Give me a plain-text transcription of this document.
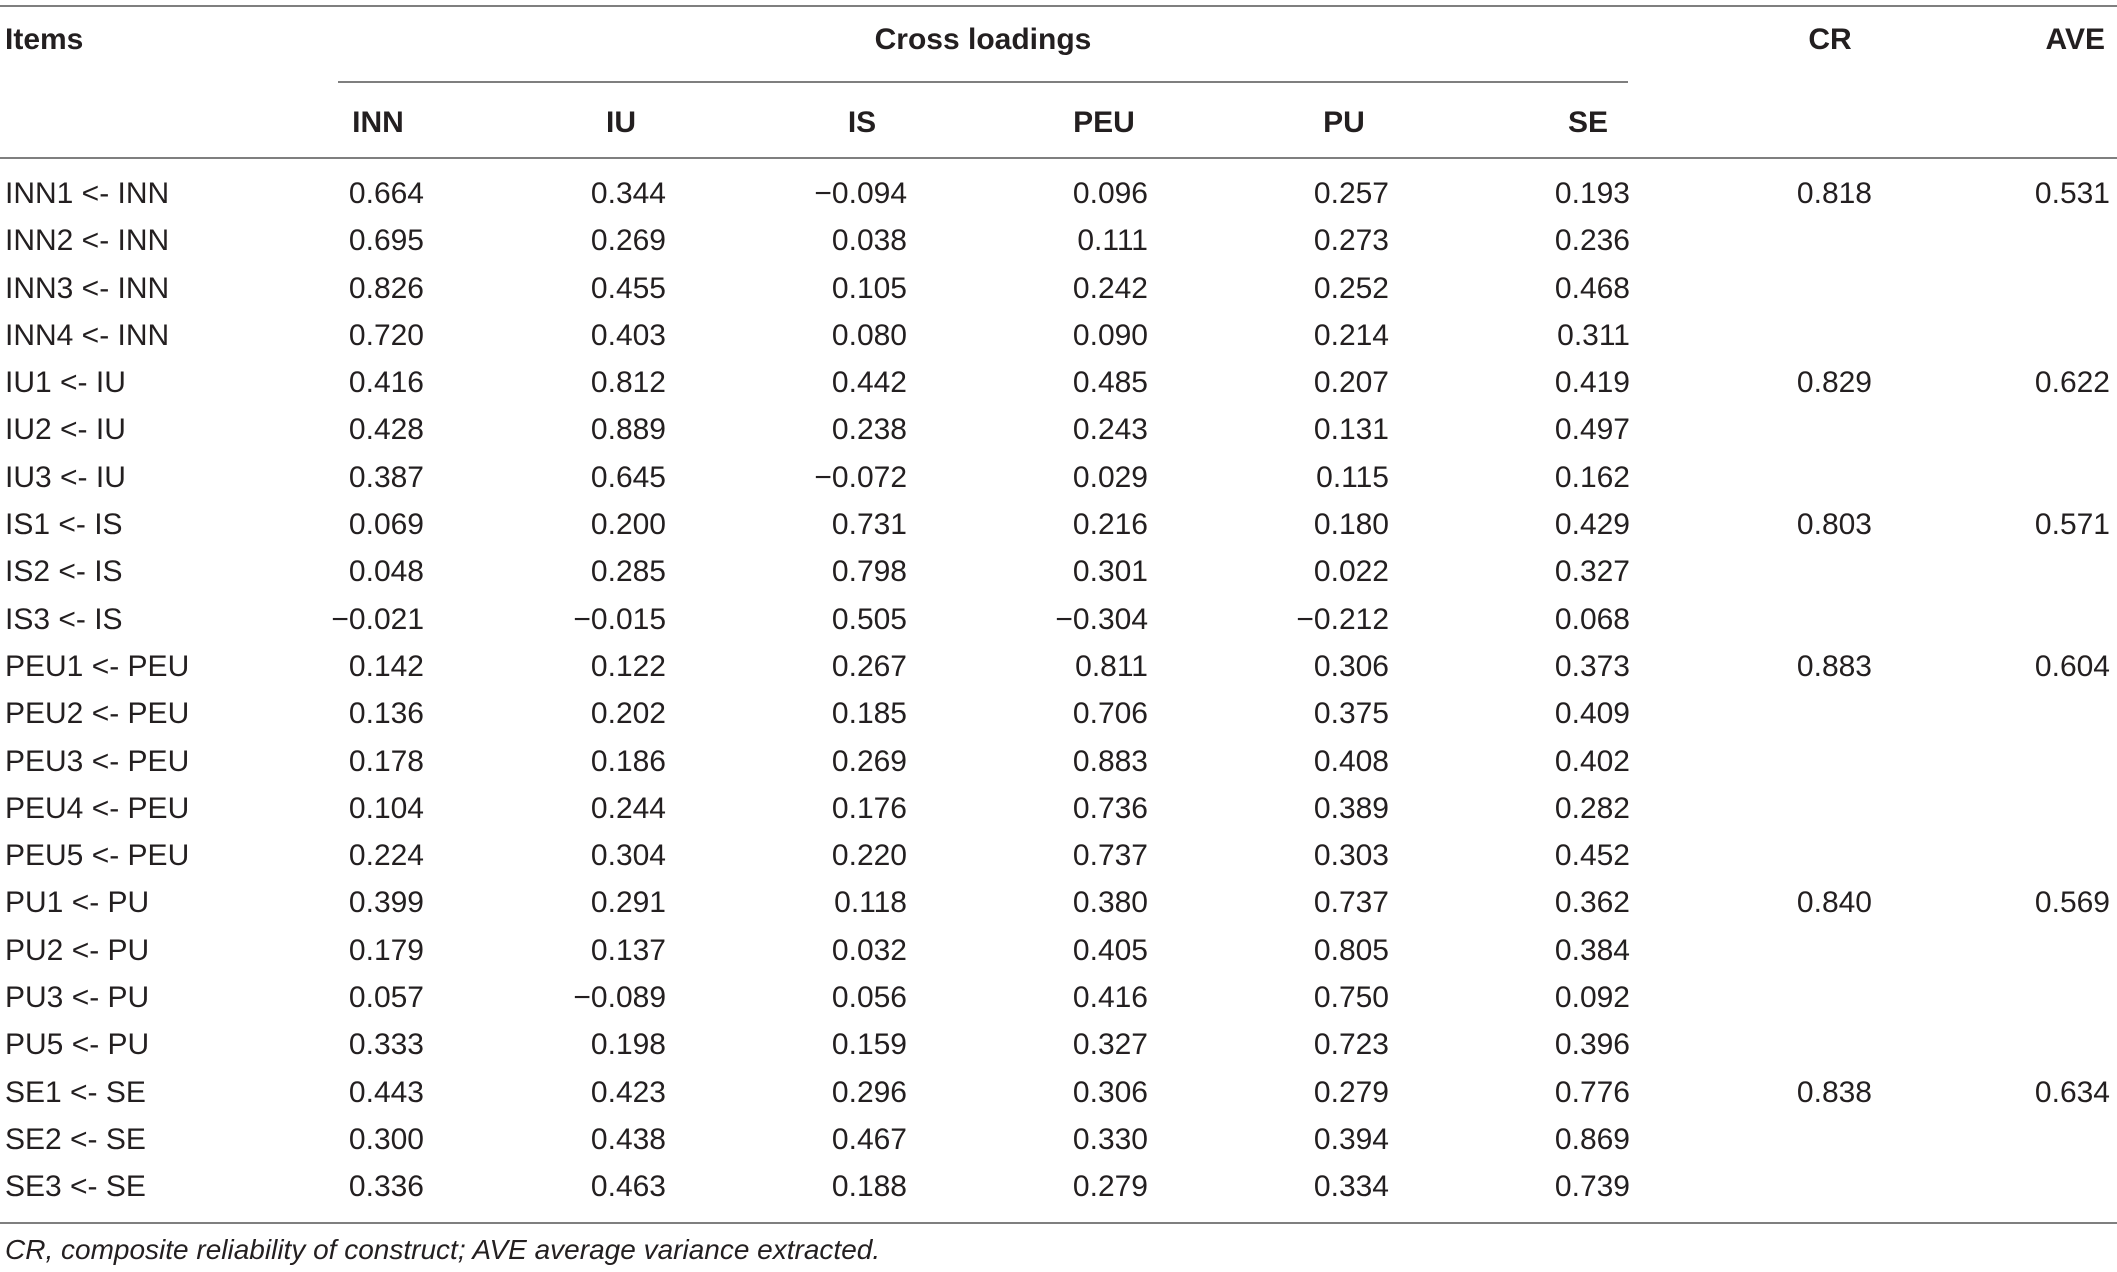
Items	Cross loadings	CR	AVE
INN	IU	IS	PEU	PU	SE
INN1 <- INN	0.664	0.344	−0.094	0.096	0.257	0.193	0.818	0.531
INN2 <- INN	0.695	0.269	0.038	0.111	0.273	0.236
INN3 <- INN	0.826	0.455	0.105	0.242	0.252	0.468
INN4 <- INN	0.720	0.403	0.080	0.090	0.214	0.311
IU1 <- IU	0.416	0.812	0.442	0.485	0.207	0.419	0.829	0.622
IU2 <- IU	0.428	0.889	0.238	0.243	0.131	0.497
IU3 <- IU	0.387	0.645	−0.072	0.029	0.115	0.162
IS1 <- IS	0.069	0.200	0.731	0.216	0.180	0.429	0.803	0.571
IS2 <- IS	0.048	0.285	0.798	0.301	0.022	0.327
IS3 <- IS	−0.021	−0.015	0.505	−0.304	−0.212	0.068
PEU1 <- PEU	0.142	0.122	0.267	0.811	0.306	0.373	0.883	0.604
PEU2 <- PEU	0.136	0.202	0.185	0.706	0.375	0.409
PEU3 <- PEU	0.178	0.186	0.269	0.883	0.408	0.402
PEU4 <- PEU	0.104	0.244	0.176	0.736	0.389	0.282
PEU5 <- PEU	0.224	0.304	0.220	0.737	0.303	0.452
PU1 <- PU	0.399	0.291	0.118	0.380	0.737	0.362	0.840	0.569
PU2 <- PU	0.179	0.137	0.032	0.405	0.805	0.384
PU3 <- PU	0.057	−0.089	0.056	0.416	0.750	0.092
PU5 <- PU	0.333	0.198	0.159	0.327	0.723	0.396
SE1 <- SE	0.443	0.423	0.296	0.306	0.279	0.776	0.838	0.634
SE2 <- SE	0.300	0.438	0.467	0.330	0.394	0.869
SE3 <- SE	0.336	0.463	0.188	0.279	0.334	0.739
CR, composite reliability of construct; AVE average variance extracted.
